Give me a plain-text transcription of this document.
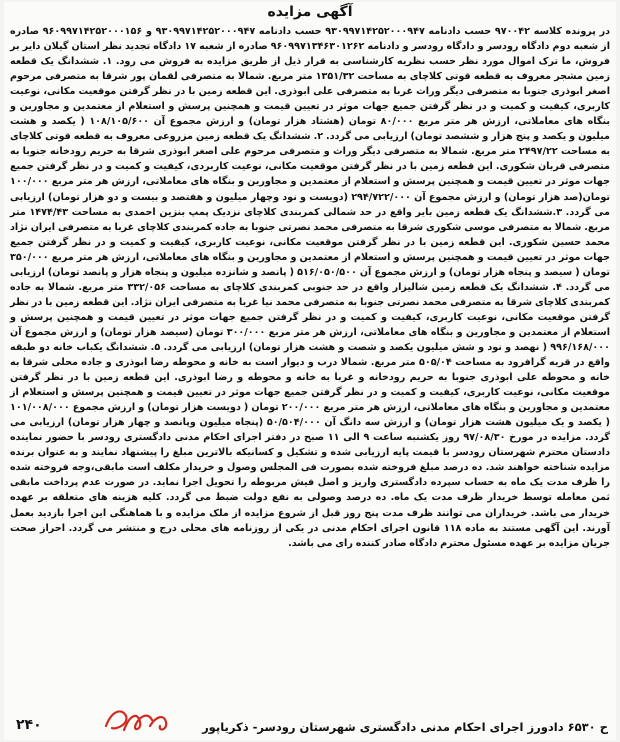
آگهی مزایده

در پرونده کلاسه ۹۷۰۰۴۲ حسب دادنامه ۹۳۰۹۹۷۱۴۲۵۲۰۰۰۹۴۷ حسب دادنامه ۹۳۰۹۹۷۱۴۲۵۲۰۰۰۹۴۷ و ۹۶۰۹۹۷۱۴۲۵۲۰۰۰۱۵۶ صادره از شعبه دوم دادگاه رودسر و دادگاه رودسر و دادنامه ۹۶۰۹۹۷۱۳۴۶۳۰۱۲۶۲ صادره از شعبه ۱۷ دادگاه تجدید نظر استان گیلان دایر بر فروش، ما ترک اموال مورد نظر حسب نظریه کارشناسی به قرار ذیل از طریق مزایده به فروش می رود. ۱. ششدانگ یک قطعه زمین مشجر معروف به قطعه قوتی کلاچای به مساحت ۱۳۵۱/۳۲ متر مربع. شمالا به متصرفی لقمان پور شرقا به متصرفی مرحوم اصغر ابوذری جنوبا به متصرفی دیگر وراث غربا به متصرفی علی ابوذری. این قطعه زمین با در نظر گرفتن موقعیت مکانی، نوعیت کاربری، کیفیت و کمیت و در نظر گرفتن جمیع جهات موثر در تعیین قیمت و همچنین پرسش و استعلام از معتمدین و مجاورین و بنگاه های معاملاتی، ارزش هر متر مربع ۸۰/۰۰۰ تومان (هشتاد هزار تومان) و ارزش مجموع آن ۱۰۸/۱۰۵/۶۰۰ ( یکصد و هشت میلیون و یکصد و پنج هزار و ششصد تومان) ارزیابی می گردد. ۲. ششدانگ یک قطعه زمین مزروعی معروف به قطعه قوتی کلاچای به مساحت ۲۴۹۷/۲۲ متر مربع. شمالا به متصرفی دیگر وراث و متصرفی مرحوم علی اصغر ابوذری شرقا به حریم رودخانه جنوبا به متصرفی قربان شکوری. این قطعه زمین با در نظر گرفتن موقعیت مکانی، نوعیت کاربردی، کیفیت و کمیت و در نظر گرفتن جمیع جهات موثر در تعیین قیمت و همچنین پرسش و استعلام از معتمدین و مجاورین و بنگاه های معاملاتی، ارزش هر متر مربع ۱۰۰/۰۰۰ تومان(صد هزار تومان) و ارزش مجموع آن ۲۹۴/۷۲۲/۰۰۰ (دویست و نود وچهار میلیون و هفتصد و بیست و دو هزار تومان) ارزیابی می گردد. ۳.ششدانگ یک قطعه زمین بایر واقع در حد شمالی کمربندی کلاچای نزدیک پمپ بنزین احمدی به مساحت ۱۴۷۴/۴۳ متر مربع. شمالا به متصرفی موسی شکوری شرقا به متصرفی محمد نصرتی جنوبا به جاده کمربندی کلاچای غربا به متصرفی ایران نژاد محمد حسین شکوری. این قطعه زمین با در نظر گرفتن موقعیت مکانی، نوعیت کاربری، کیفیت و کمیت و در نظر گرفتن جمیع جهات موثر در تعیین قیمت و همچنین پرسش و استعلام از معتمدین و مجاورین و بنگاه های معاملاتی، ارزش هر متر مربع ۳۵۰/۰۰۰ تومان ( سیصد و پنجاه هزار تومان) و ارزش مجموع آن ۵۱۶/۰۵۰/۵۰۰ ( پانصد و شانزده میلیون و پنجاه هزار و پانصد تومان) ارزیابی می گردد. ۴. ششدانگ یک قطعه زمین شالیزار واقع در حد جنوبی کمربندی کلاچای به مساحت ۳۳۲/۰۵۶ متر مربع. شمالا به جاده کمربندی کلاچای شرقا به متصرفی محمد نصرتی جنوبا به متصرفی محمد نیا غربا به متصرفی ایران نژاد. این قطعه زمین با در نظر گرفتن موقعیت مکانی، نوعیت کاربری، کیفیت و کمیت و در نظر گرفتن جمیع جهات موثر در تعیین قیمت و همچنین پرسش و استعلام از معتمدین و مجاورین و بنگاه های معاملاتی، ارزش هر متر مربع ۳۰۰/۰۰۰ تومان (سیصد هزار تومان) و ارزش مجموع آن ۹۹۶/۱۶۸/۰۰۰ ( نهصد و نود و شش میلیون یکصد و شصت و هشت هزار تومان) ارزیابی می گردد. ۵. ششدانگ یکباب خانه دو طبقه واقع در قریه گرافرود به مساحت ۵۰۵/۰۴ متر مربع. شمالا درب و دیوار است به خانه و محوطه رضا ابوذری و جاده محلی شرقا به خانه و محوطه علی ابوذری جنوبا به حریم رودخانه و غربا به خانه و محوطه و رضا ابوذری. این قطعه زمین با در نظر گرفتن موقعیت مکانی، نوعیت کاربری، کیفیت و کمیت و در نظر گرفتن جمیع جهات موثر در تعیین قیمت و همچنین پرسش و استعلام از معتمدین و مجاورین و بنگاه های معاملاتی، ارزش هر متر مربع ۲۰۰/۰۰۰ تومان ( دویست هزار تومان) و ارزش مجموع ۱۰۱/۰۰۸/۰۰۰ ( یکصد و یک میلیون هشت هزار تومان) و ارزش سه دانگ آن ۵۰/۵۰۴/۰۰۰ (پنجاه میلیون وپانصد و چهار هزار تومان) ارزیابی می گردد. مزایده در مورخ ۹۷/۰۸/۳۰ روز یکشنبه ساعت ۹ الی ۱۱ صبح در دفتر اجرای احکام مدنی دادگستری رودسر با حضور نماینده دادستان محترم شهرستان رودسر با قیمت پایه ارزیابی شده و تشکیل و کسانیکه بالاترین مبلغ را پیشنهاد نمایند و به عنوان برنده مزایده شناخته خواهند شد. ده درصد مبلغ فروخته شده بصورت فی المجلس وصول و خریدار مکلف است مابقی،وجه فروخته شده را ظرف مدت یک ماه به حساب سپرده دادگستری واریز و اصل فیش مربوطه را تحویل اجرا نماید. در صورت عدم پرداخت مابقی ثمن معامله توسط خریدار ظرف مدت یک ماه. ده درصد وصولی به نفع دولت ضبط می گردد. کلیه هزینه های متعلقه بر عهده خریدار می باشد. خریداران می توانند ظرف مدت پنج روز قبل از شروع مزایده از ملک مزایده و با هماهنگی این اجرا بازدید بعمل آورند. این آگهی مستند به ماده ۱۱۸ قانون اجرای احکام مدنی در یکی از روزنامه های محلی درج و منتشر می گردد. احراز صحت جریان مزایده بر عهده مسئول محترم دادگاه صادر کننده رای می باشد.

ح ۶۵۳۰ دادورز اجرای احکام مدنی دادگستری شهرستان رودسر- ذکریاپور
۲۴۰
